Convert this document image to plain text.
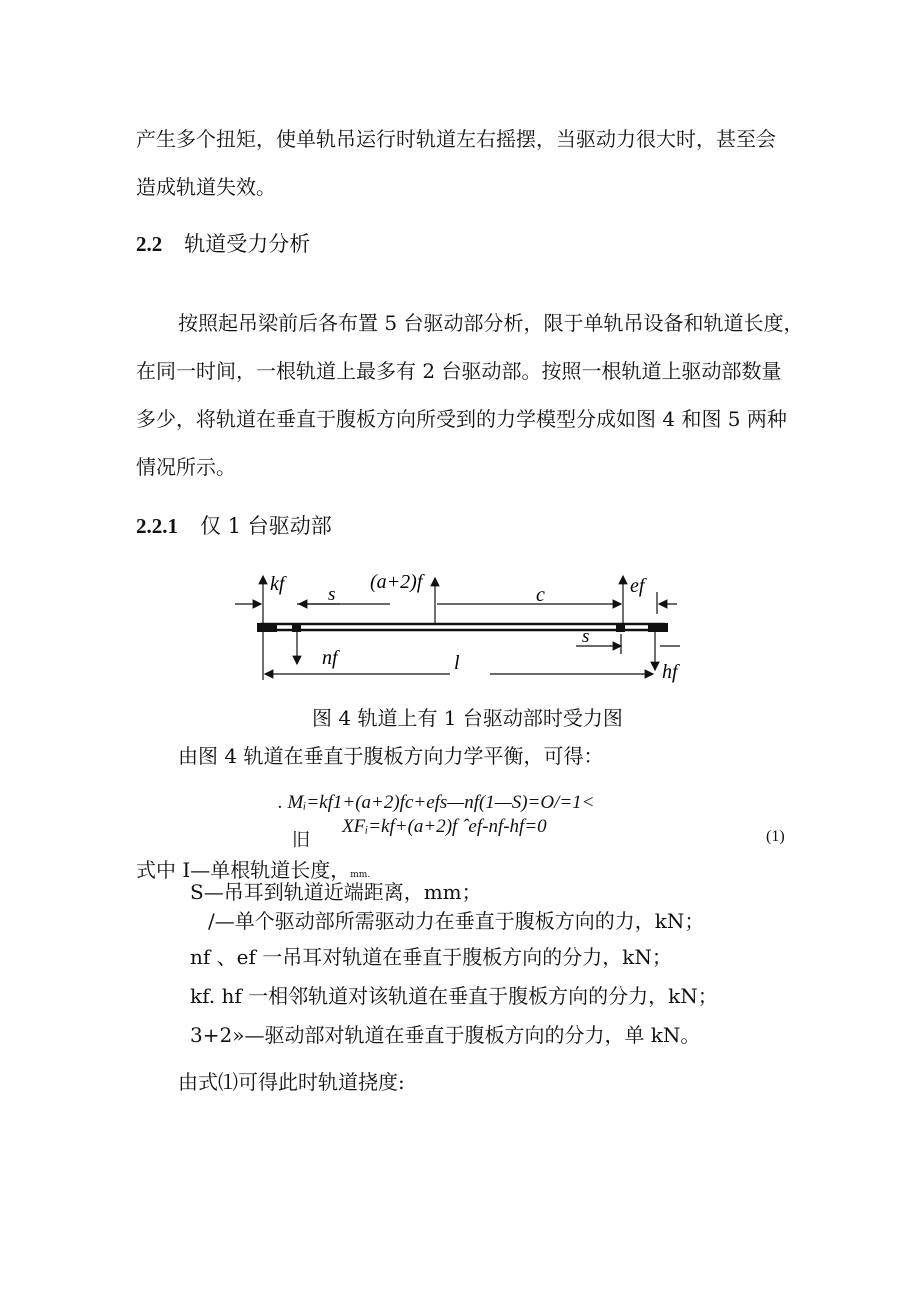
产生多个扭矩，使单轨吊运行时轨道左右摇摆，当驱动力很大时，甚至会
造成轨道失效。
2.2 轨道受力分析
按照起吊梁前后各布置 5 台驱动部分析，限于单轨吊设备和轨道长度，
在同一时间，一根轨道上最多有 2 台驱动部。按照一根轨道上驱动部数量
多少，将轨道在垂直于腹板方向所受到的力学模型分成如图 4 和图 5 两种
情况所示。
2.2.1 仅 1 台驱动部
kf s
(a+2)f
c	ef
s
nf	l	hf
图 4 轨道上有 1 台驱动部时受力图
由图 4 轨道在垂直于腹板方向力学平衡，可得：
. Mᵢ=kf1+(a+2)fc+efs—nf(1—S)=O/=1<
旧
XFᵢ=kf+(a+2)f ˆef-nf-hf=0	(1)
式中 I—单根轨道长度，mm.
S—吊耳到轨道近端距离，mm；
/—单个驱动部所需驱动力在垂直于腹板方向的力，kN；
nf 、ef 一吊耳对轨道在垂直于腹板方向的分力，kN；
kf. hf 一相邻轨道对该轨道在垂直于腹板方向的分力，kN；
3+2»—驱动部对轨道在垂直于腹板方向的分力，单 kN。
由式⑴可得此时轨道挠度:
